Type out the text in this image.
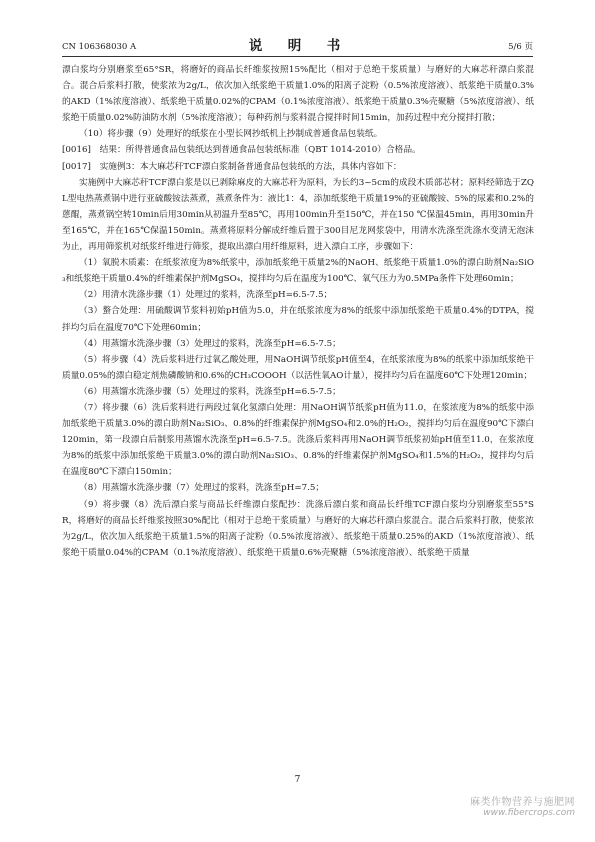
CN 106368030 A	说　明　书	5/6 页

漂白浆均分别磨浆至65°SR，将磨好的商品长纤维浆按照15%配比（相对于总绝干浆质量）与磨好的大麻芯秆漂白浆混合。混合后浆料打散，使浆浓为2g/L，依次加入纸浆绝干质量1.0%的阳离子淀粉（0.5%浓度溶液）、纸浆绝干质量0.3%的AKD（1%浓度溶液）、纸浆绝干质量0.02%的CPAM（0.1%浓度溶液）、纸浆绝干质量0.3%壳聚糖（5%浓度溶液）、纸浆绝干质量0.02%防油防水剂（5%浓度溶液）；每种药剂与浆料混合搅拌时间15min，加药过程中充分搅拌打散；

（10）将步骤（9）处理好的纸浆在小型长网抄纸机上抄制成普通食品包装纸。

[0016]　结果：所得普通食品包装纸达到普通食品包装纸标准（QBT 1014-2010）合格品。

[0017]　实施例3：本大麻芯秆TCF漂白浆制备普通食品包装纸的方法，具体内容如下：

实施例中大麻芯秆TCF漂白浆是以已剥除麻皮的大麻芯秆为原料，为长约3~5cm的成段木质部芯材；原料经筛选于ZQL型电热蒸煮锅中进行亚硫酸铵法蒸煮，蒸煮条件为：液比1：4，添加纸浆绝干质量19%的亚硫酸铵、5%的尿素和0.2%的蒽醌，蒸煮锅空转10min后用30min从初温升至85℃，再用100min升至150℃，并在150 ℃保温45min，再用30min升至165℃，并在165℃保温150min。蒸煮将原料分解成纤维后置于300目尼龙网浆袋中，用清水洗涤至洗涤水变清无泡沫为止，再用筛浆机对纸浆纤维进行筛浆，提取出漂白用纤维原料，进入漂白工序，步骤如下：

（1）氧脱木质素：在纸浆浓度为8%纸浆中，添加纸浆绝干质量2%的NaOH、纸浆绝干质量1.0%的漂白助剂Na₂SiO₃和纸浆绝干质量0.4%的纤维素保护剂MgSO₄，搅拌均匀后在温度为100℃、氧气压力为0.5MPa条件下处理60min；

（2）用清水洗涤步骤（1）处理过的浆料，洗涤至pH=6.5-7.5；

（3）螯合处理：用硫酸调节浆料初始pH值为5.0，并在纸浆浓度为8%的纸浆中添加纸浆绝干质量0.4%的DTPA，搅拌均匀后在温度70℃下处理60min；

（4）用蒸馏水洗涤步骤（3）处理过的浆料，洗涤至pH=6.5-7.5；

（5）将步骤（4）洗后浆料进行过氧乙酸处理，用NaOH调节纸浆pH值至4，在纸浆浓度为8%的纸浆中添加纸浆绝干质量0.05%的漂白稳定剂焦磷酸钠和0.6%的CH₃COOOH（以活性氧AO计量），搅拌均匀后在温度60℃下处理120min；

（6）用蒸馏水洗涤步骤（5）处理过的浆料，洗涤至pH=6.5-7.5；

（7）将步骤（6）洗后浆料进行两段过氧化氢漂白处理：用NaOH调节纸浆pH值为11.0，在浆浓度为8%的纸浆中添加纸浆绝干质量3.0%的漂白助剂Na₂SiO₃、0.8%的纤维素保护剂MgSO₄和2.0%的H₂O₂，搅拌均匀后在温度90℃下漂白120min，第一段漂白后制浆用蒸馏水洗涤至pH=6.5-7.5。洗涤后浆料再用NaOH调节纸浆初始pH值至11.0，在浆浓度为8%的纸浆中添加纸浆绝干质量3.0%的漂白助剂Na₂SiO₃、0.8%的纤维素保护剂MgSO₄和1.5%的H₂O₂，搅拌均匀后在温度80℃下漂白150min；

（8）用蒸馏水洗涤步骤（7）处理过的浆料，洗涤至pH=7.5；

（9）将步骤（8）洗后漂白浆与商品长纤维漂白浆配抄：洗涤后漂白浆和商品长纤维TCF漂白浆均分别磨浆至55°SR，将磨好的商品长纤维浆按照30%配比（相对于总绝干浆质量）与磨好的大麻芯秆漂白浆混合。混合后浆料打散，使浆浓为2g/L，依次加入纸浆绝干质量1.5%的阳离子淀粉（0.5%浓度溶液）、纸浆绝干质量0.25%的AKD（1%浓度溶液）、纸浆绝干质量0.04%的CPAM（0.1%浓度溶液）、纸浆绝干质量0.6%壳聚糖（5%浓度溶液）、纸浆绝干质量

7
麻类作物营养与施肥网
www.fibercrops.com
